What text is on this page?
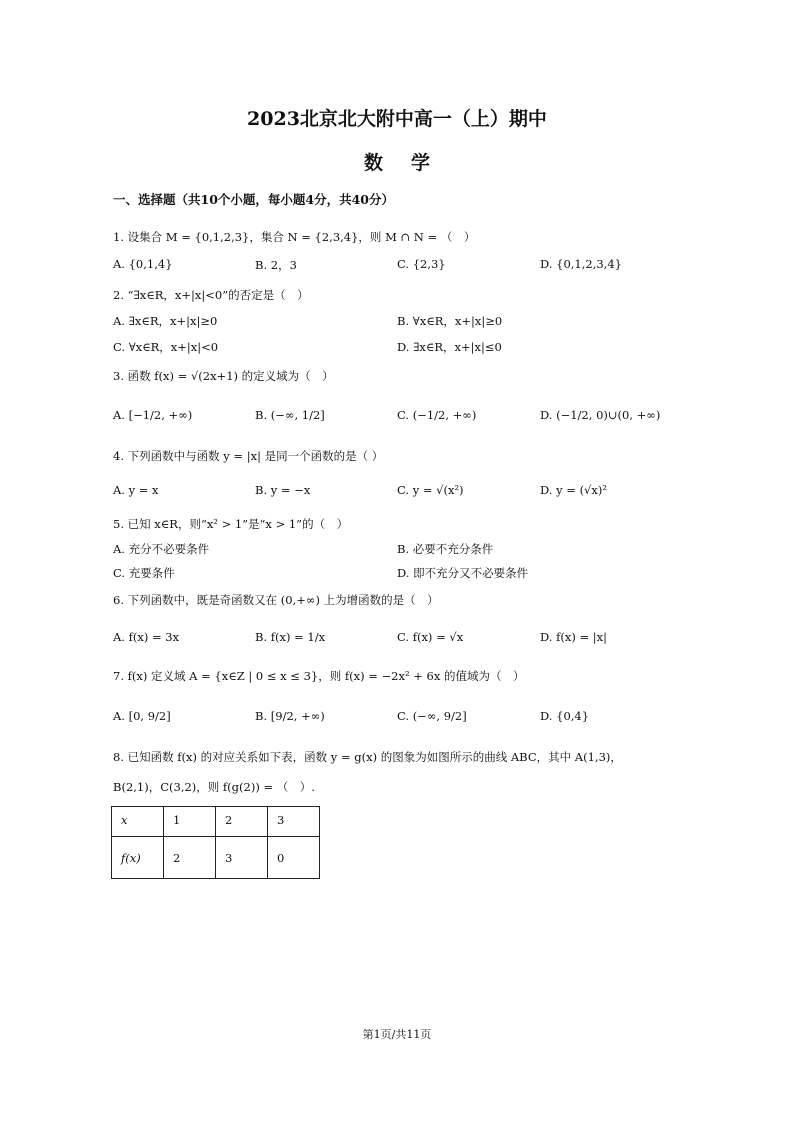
2023北京北大附中高一（上）期中
数学
一、选择题（共10个小题，每小题4分，共40分）
1. 设集合 M = {0,1,2,3}，集合 N = {2,3,4}，则 M ∩ N = （　）
A. {0,1,4}	B. 2，3	C. {2,3}	D. {0,1,2,3,4}
2. “∃x∈R，x+|x|<0”的否定是（　）
A. ∃x∈R，x+|x|≥0	B. ∀x∈R，x+|x|≥0
C. ∀x∈R，x+|x|<0	D. ∃x∈R，x+|x|≤0
3. 函数 f(x) = √(2x+1) 的定义域为（　）
A. [−1/2, +∞)	B. (−∞, 1/2]	C. (−1/2, +∞)	D. (−1/2, 0)∪(0, +∞)
4. 下列函数中与函数 y = |x| 是同一个函数的是（ ）
A. y = x	B. y = −x	C. y = √(x²)	D. y = (√x)²
5. 已知 x∈R，则“x² > 1”是“x > 1”的（　）
A. 充分不必要条件	B. 必要不充分条件
C. 充要条件	D. 即不充分又不必要条件
6. 下列函数中，既是奇函数又在 (0,+∞) 上为增函数的是（　）
A. f(x) = 3x	B. f(x) = 1/x	C. f(x) = √x	D. f(x) = |x|
7. f(x) 定义域 A = {x∈Z | 0 ≤ x ≤ 3}，则 f(x) = −2x² + 6x 的值域为（　）
A. [0, 9/2]	B. [9/2, +∞)	C. (−∞, 9/2]	D. {0,4}
8. 已知函数 f(x) 的对应关系如下表，函数 y = g(x) 的图象为如图所示的曲线 ABC，其中 A(1,3)，
B(2,1)，C(3,2)，则 f(g(2)) = （　）.
x	1	2	3
f(x)	2	3	0
第1页/共11页
